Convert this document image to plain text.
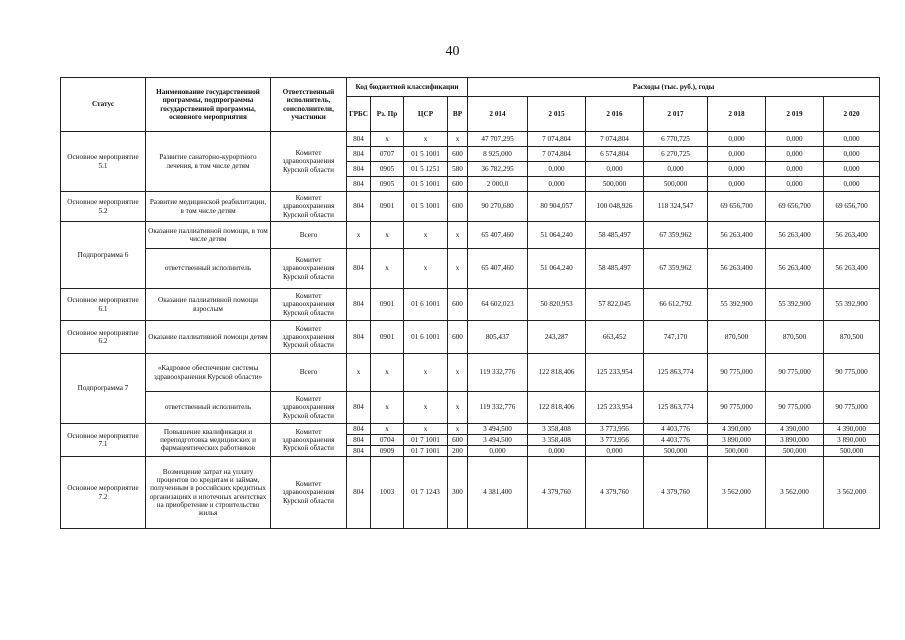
40
Статус	Наименование государственной программы, подпрограммы государственной программы, основного мероприятия	Ответственный исполнитель, соисполнители, участники	Код бюджетной классификации				Расходы (тыс. руб.), годы						
			ГРБС	Рз. Пр	ЦСР	ВР	2 014	2 015	2 016	2 017	2 018	2 019	2 020
Основное мероприятие 5.1	Развитие санаторно-курортного лечения, в том числе детям	Комитет здравоохранения Курской области	804	х	х	х	47 707,295	7 074,804	7 074,804	6 770,725	0,000	0,000	0,000
			804	0707	01 5 1001	600	8 925,000	7 074,804	6 574,804	6 270,725	0,000	0,000	0,000
			804	0905	01 5 1251	580	36 782,295	0,000	0,000	0,000	0,000	0,000	0,000
			804	0905	01 5 1001	600	2 000,0	0,000	500,000	500,000	0,000	0,000	0,000
Основное мероприятие 5.2	Развитие медицинской реабилитации, в том числе детям	Комитет здравоохранения Курской области	804	0901	01 5 1001	600	90 270,680	80 904,057	100 048,926	118 324,547	69 656,700	69 656,700	69 656,700
Подпрограмма 6	Оказание паллиативной помощи, в том числе детям	Всего	х	х	х	х	65 407,460	51 064,240	58 485,497	67 359,962	56 263,400	56 263,400	56 263,400
	ответственный исполнитель	Комитет здравоохранения Курской области	804	х	х	х	65 407,460	51 064,240	58 485,497	67 359,962	56 263,400	56 263,400	56 263,400
Основное мероприятие 6.1	Оказание паллиативной помощи взрослым	Комитет здравоохранения Курской области	804	0901	01 6 1001	600	64 602,023	50 820,953	57 822,045	66 612,792	55 392,900	55 392,900	55 392,900
Основное мероприятие 6.2	Оказание паллиативной помощи детям	Комитет здравоохранения Курской области	804	0901	01 6 1001	600	805,437	243,287	663,452	747,170	870,500	870,500	870,500
Подпрограмма 7	«Кадровое обеспечение системы здравоохранения Курской области»	Всего	х	х	х	х	119 332,776	122 818,406	125 233,954	125 863,774	90 775,000	90 775,000	90 775,000
	ответственный исполнитель	Комитет здравоохранения Курской области	804	х	х	х	119 332,776	122 818,406	125 233,954	125 863,774	90 775,000	90 775,000	90 775,000
Основное мероприятие 7.1	Повышение квалификации и переподготовка медицинских и фармацевтических работников	Комитет здравоохранения Курской области	804	х	х	х	3 494,500	3 358,408	3 773,956	4 403,776	4 390,000	4 390,000	4 390,000
			804	0704	01 7 1001	600	3 494,500	3 358,408	3 773,956	4 403,776	3 890,000	3 890,000	3 890,000
			804	0909	01 7 1001	200	0,000	0,000	0,000	500,000	500,000	500,000	500,000
Основное мероприятие 7.2	Возмещение затрат на уплату процентов по кредитам и займам, полученным в российских кредитных организациях и ипотечных агентствах на приобретение и строительство жилья	Комитет здравоохранения Курской области	804	1003	01 7 1243	300	4 381,400	4 379,760	4 379,760	4 379,760	3 562,000	3 562,000	3 562,000
